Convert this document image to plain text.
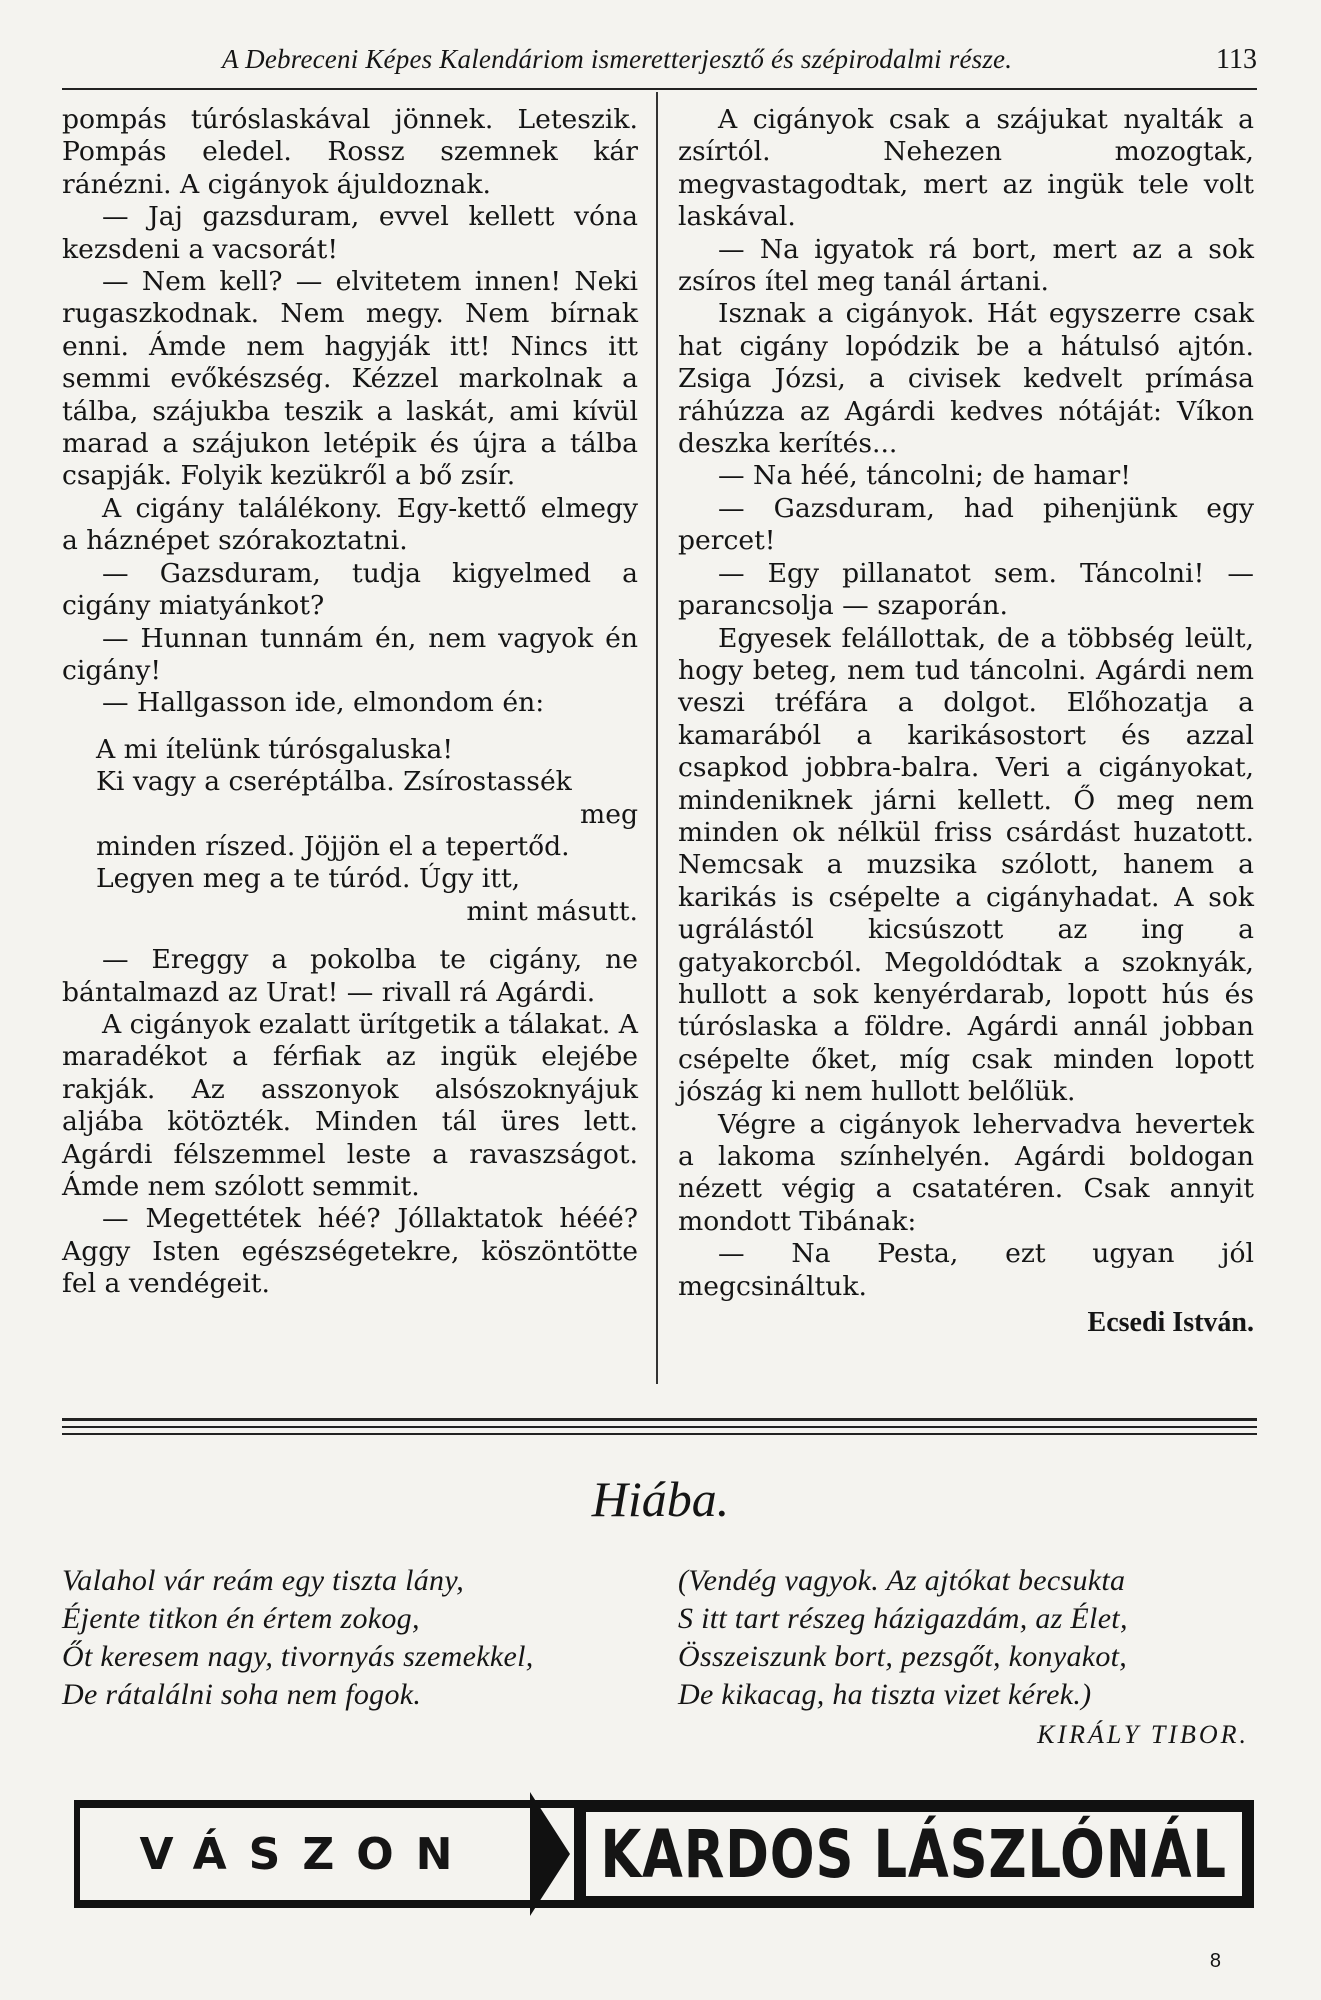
A Debreceni Képes Kalendáriom ismeretterjesztő és szépirodalmi része.	113

pompás túróslaskával jönnek. Leteszik. Pompás eledel. Rossz szemnek kár ránézni. A cigányok ájuldoznak.

— Jaj gazsduram, evvel kellett vóna kezsdeni a vacsorát!

— Nem kell? — elvitetem innen! Neki rugaszkodnak. Nem megy. Nem bírnak enni. Ámde nem hagyják itt! Nincs itt semmi evőkészség. Kézzel markolnak a tálba, szájukba teszik a laskát, ami kívül marad a szájukon letépik és újra a tálba csapják. Folyik kezükről a bő zsír.

A cigány találékony. Egy-kettő elmegy a háznépet szórakoztatni.

— Gazsduram, tudja kigyelmed a cigány miatyánkot?

— Hunnan tunnám én, nem vagyok én cigány!

— Hallgasson ide, elmondom én:

A mi ítelünk túrósgaluska!
Ki vagy a cseréptálba. Zsírostassék
meg
minden ríszed. Jöjjön el a tepertőd.
Legyen meg a te túród. Úgy itt,
mint másutt.

— Ereggy a pokolba te cigány, ne bántalmazd az Urat! — rivall rá Agárdi.

A cigányok ezalatt ürítgetik a tálakat. A maradékot a férfiak az ingük elejébe rakják. Az asszonyok alsószoknyájuk aljába kötözték. Minden tál üres lett. Agárdi félszemmel leste a ravaszságot. Ámde nem szólott semmit.

— Megettétek héé? Jóllaktatok hééé? Aggy Isten egészségetekre, köszöntötte fel a vendégeit.

A cigányok csak a szájukat nyalták a zsírtól. Nehezen mozogtak, megvastagodtak, mert az ingük tele volt laskával.

— Na igyatok rá bort, mert az a sok zsíros ítel meg tanál ártani.

Isznak a cigányok. Hát egyszerre csak hat cigány lopódzik be a hátulsó ajtón. Zsiga Józsi, a civisek kedvelt prímása ráhúzza az Agárdi kedves nótáját: Víkon deszka kerítés...

— Na héé, táncolni; de hamar!

— Gazsduram, had pihenjünk egy percet!

— Egy pillanatot sem. Táncolni! — parancsolja — szaporán.

Egyesek felállottak, de a többség leült, hogy beteg, nem tud táncolni. Agárdi nem veszi tréfára a dolgot. Előhozatja a kamarából a karikásostort és azzal csapkod jobbra-balra. Veri a cigányokat, mindeniknek járni kellett. Ő meg nem minden ok nélkül friss csárdást huzatott. Nemcsak a muzsika szólott, hanem a karikás is csépelte a cigányhadat. A sok ugrálástól kicsúszott az ing a gatyakorcból. Megoldódtak a szoknyák, hullott a sok kenyérdarab, lopott hús és túróslaska a földre. Agárdi annál jobban csépelte őket, míg csak minden lopott jószág ki nem hullott belőlük.

Végre a cigányok lehervadva hevertek a lakoma színhelyén. Agárdi boldogan nézett végig a csatatéren. Csak annyit mondott Tibának:

— Na Pesta, ezt ugyan jól megcsináltuk.

Ecsedi István.
Hiába.
Valahol vár reám egy tiszta lány,
Éjente titkon én értem zokog,
Őt keresem nagy, tivornyás szemekkel,
De rátalálni soha nem fogok.
(Vendég vagyok. Az ajtókat becsukta
S itt tart részeg házigazdám, az Élet,
Összeiszunk bort, pezsgőt, konyakot,
De kikacag, ha tiszta vizet kérek.)
KIRÁLY TIBOR.
VÁSZON KARDOS LÁSZLÓNÁL
8
